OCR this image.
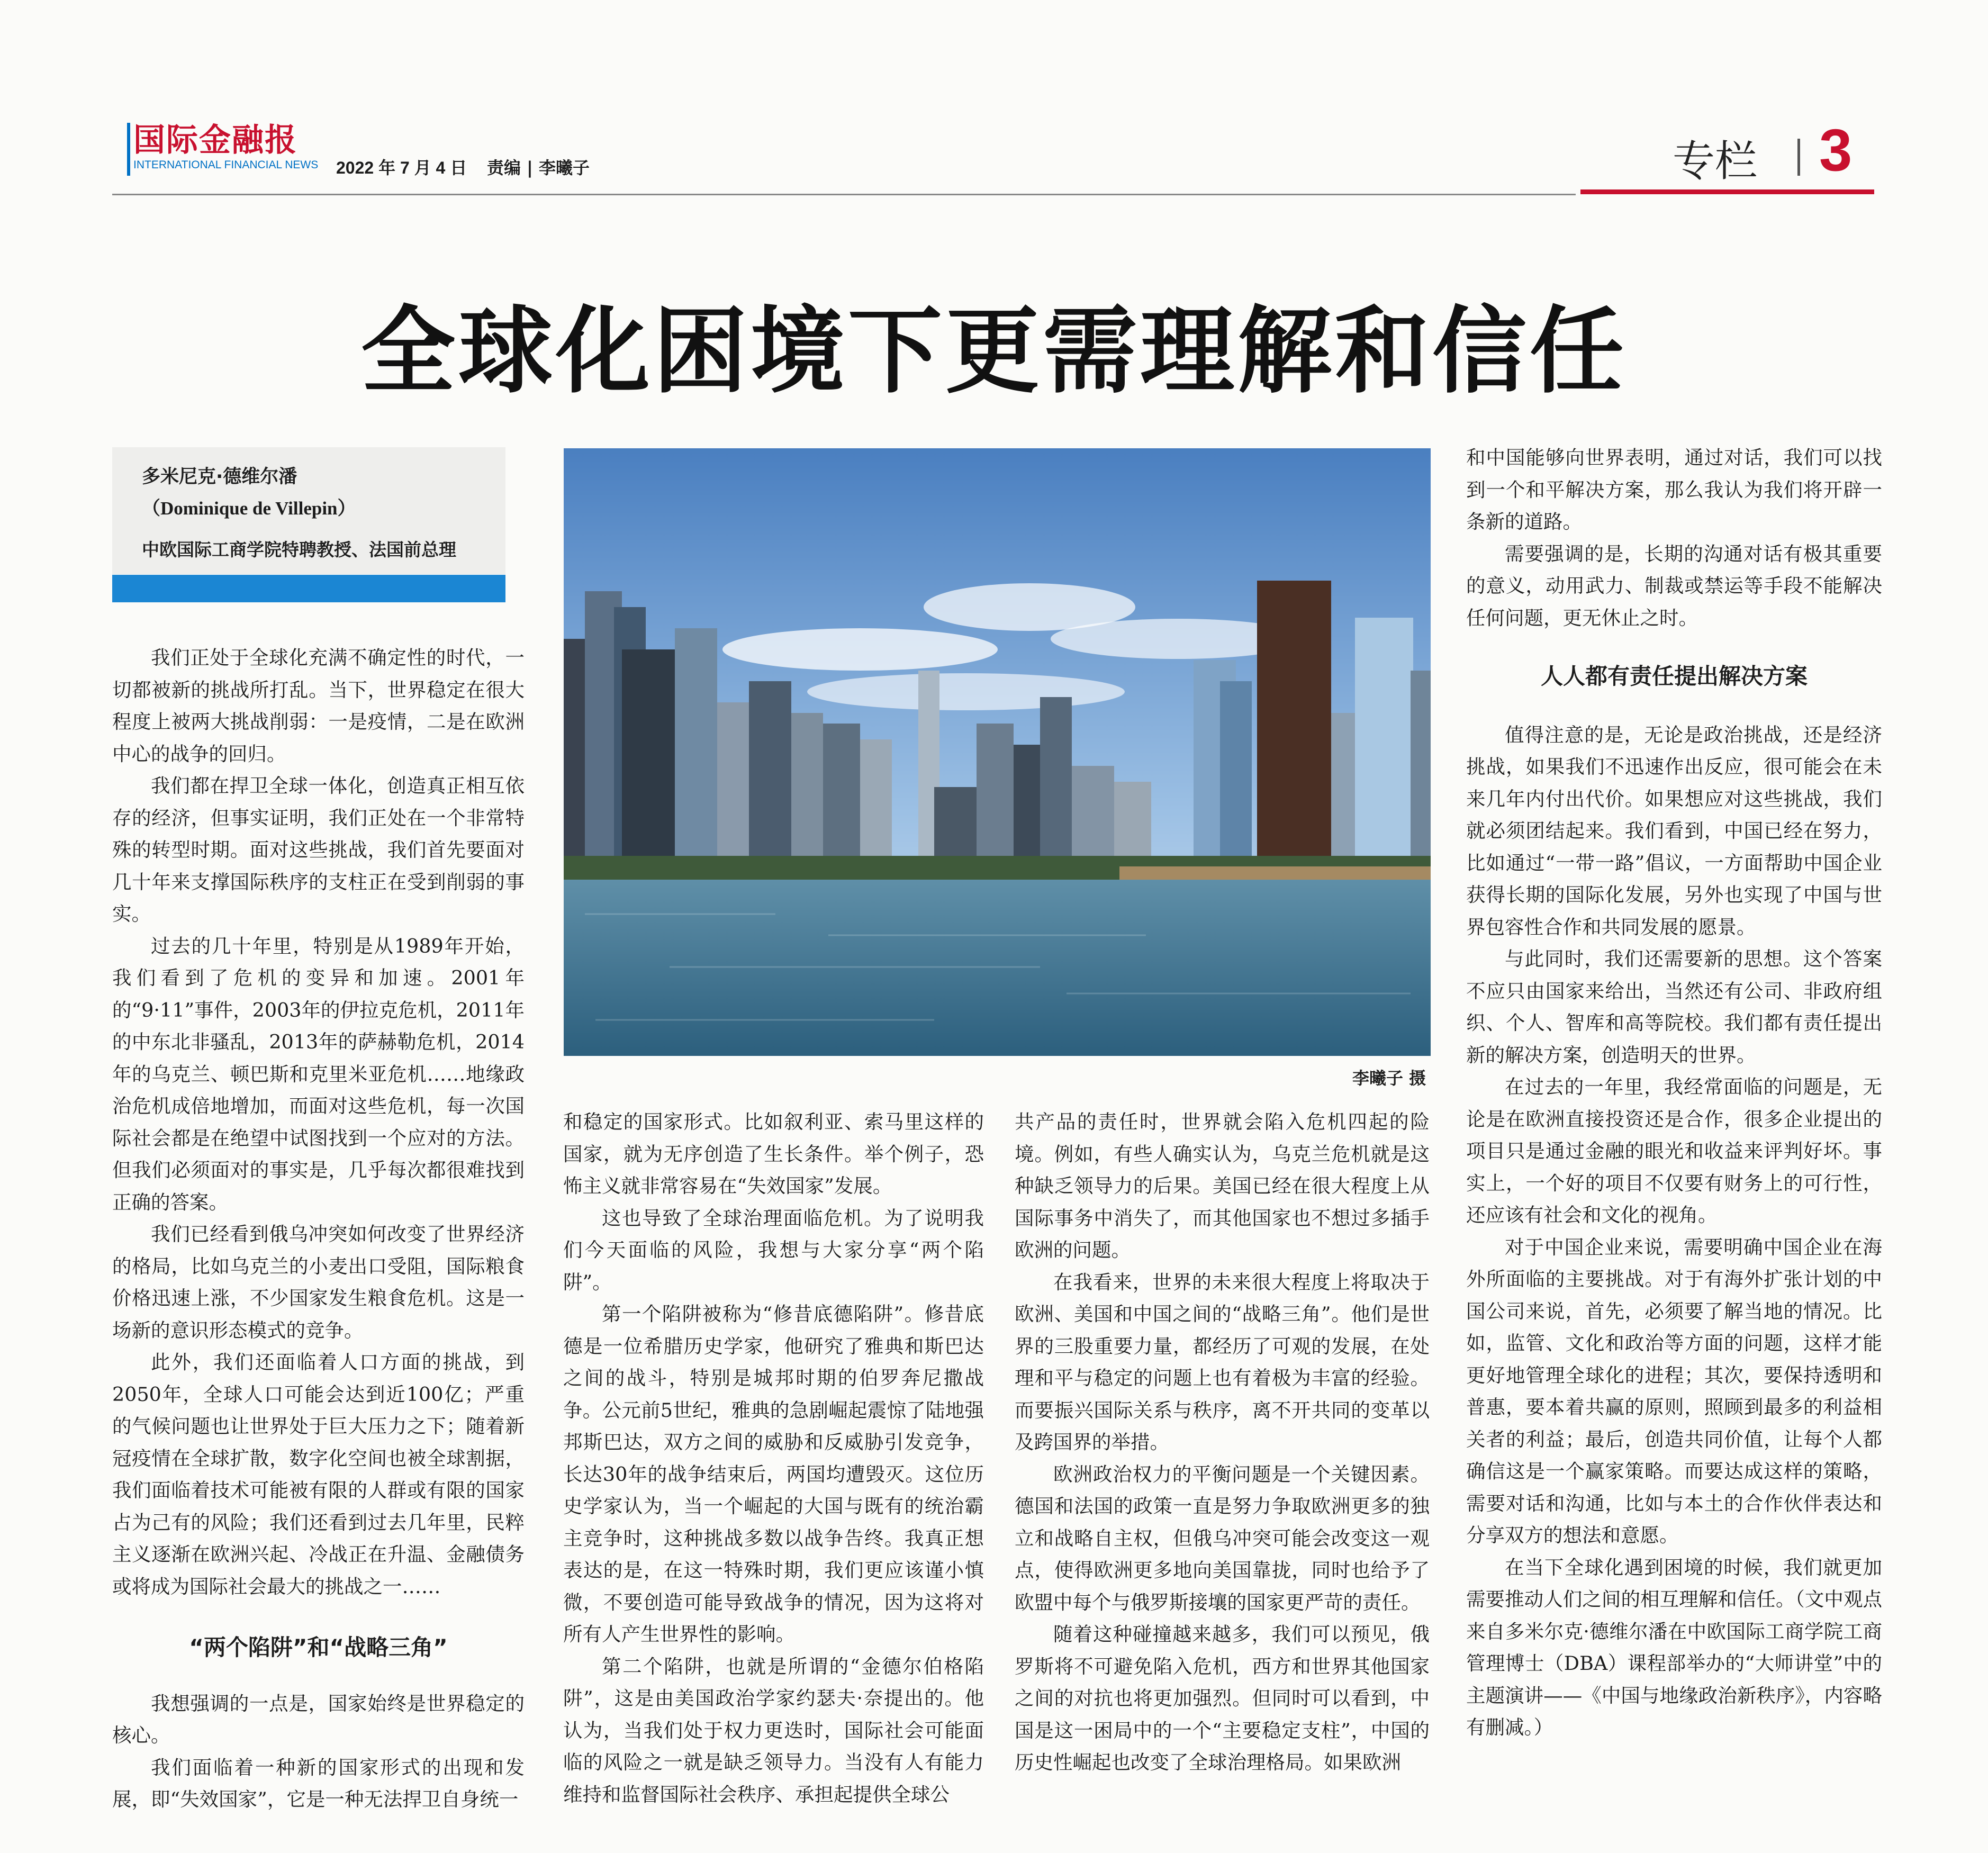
国际金融报
INTERNATIONAL FINANCIAL NEWS 2022 年 7 月 4 日 责编 | 李曦子	专栏 3
全球化困境下更需理解和信任
多米尼克·德维尔潘
（Dominique de Villepin）
中欧国际工商学院特聘教授、法国前总理

我们正处于全球化充满不确定性的时代，一切都被新的挑战所打乱。当下，世界稳定在很大程度上被两大挑战削弱：一是疫情，二是在欧洲中心的战争的回归。

我们都在捍卫全球一体化，创造真正相互依存的经济，但事实证明，我们正处在一个非常特殊的转型时期。面对这些挑战，我们首先要面对几十年来支撑国际秩序的支柱正在受到削弱的事实。

过去的几十年里，特别是从1989年开始，我们看到了危机的变异和加速。2001年的“9·11”事件，2003年的伊拉克危机，2011年的中东北非骚乱，2013年的萨赫勒危机，2014年的乌克兰、顿巴斯和克里米亚危机……地缘政治危机成倍地增加，而面对这些危机，每一次国际社会都是在绝望中试图找到一个应对的方法。但我们必须面对的事实是，几乎每次都很难找到正确的答案。

我们已经看到俄乌冲突如何改变了世界经济的格局，比如乌克兰的小麦出口受阻，国际粮食价格迅速上涨，不少国家发生粮食危机。这是一场新的意识形态模式的竞争。

此外，我们还面临着人口方面的挑战，到2050年，全球人口可能会达到近100亿；严重的气候问题也让世界处于巨大压力之下；随着新冠疫情在全球扩散，数字化空间也被全球割据，我们面临着技术可能被有限的人群或有限的国家占为己有的风险；我们还看到过去几年里，民粹主义逐渐在欧洲兴起、冷战正在升温、金融债务或将成为国际社会最大的挑战之一……

“两个陷阱”和“战略三角”

我想强调的一点是，国家始终是世界稳定的核心。

我们面临着一种新的国家形式的出现和发展，即“失效国家”，它是一种无法捍卫自身统一

李曦子 摄

和稳定的国家形式。比如叙利亚、索马里这样的国家，就为无序创造了生长条件。举个例子，恐怖主义就非常容易在“失效国家”发展。

这也导致了全球治理面临危机。为了说明我们今天面临的风险，我想与大家分享“两个陷阱”。

第一个陷阱被称为“修昔底德陷阱”。修昔底德是一位希腊历史学家，他研究了雅典和斯巴达之间的战斗，特别是城邦时期的伯罗奔尼撒战争。公元前5世纪，雅典的急剧崛起震惊了陆地强邦斯巴达，双方之间的威胁和反威胁引发竞争，长达30年的战争结束后，两国均遭毁灭。这位历史学家认为，当一个崛起的大国与既有的统治霸主竞争时，这种挑战多数以战争告终。我真正想表达的是，在这一特殊时期，我们更应该谨小慎微，不要创造可能导致战争的情况，因为这将对所有人产生世界性的影响。

第二个陷阱，也就是所谓的“金德尔伯格陷阱”，这是由美国政治学家约瑟夫·奈提出的。他认为，当我们处于权力更迭时，国际社会可能面临的风险之一就是缺乏领导力。当没有人有能力维持和监督国际社会秩序、承担起提供全球公

共产品的责任时，世界就会陷入危机四起的险境。例如，有些人确实认为，乌克兰危机就是这种缺乏领导力的后果。美国已经在很大程度上从国际事务中消失了，而其他国家也不想过多插手欧洲的问题。

在我看来，世界的未来很大程度上将取决于欧洲、美国和中国之间的“战略三角”。他们是世界的三股重要力量，都经历了可观的发展，在处理和平与稳定的问题上也有着极为丰富的经验。而要振兴国际关系与秩序，离不开共同的变革以及跨国界的举措。

欧洲政治权力的平衡问题是一个关键因素。德国和法国的政策一直是努力争取欧洲更多的独立和战略自主权，但俄乌冲突可能会改变这一观点，使得欧洲更多地向美国靠拢，同时也给予了欧盟中每个与俄罗斯接壤的国家更严苛的责任。

随着这种碰撞越来越多，我们可以预见，俄罗斯将不可避免陷入危机，西方和世界其他国家之间的对抗也将更加强烈。但同时可以看到，中国是这一困局中的一个“主要稳定支柱”，中国的历史性崛起也改变了全球治理格局。如果欧洲

和中国能够向世界表明，通过对话，我们可以找到一个和平解决方案，那么我认为我们将开辟一条新的道路。

需要强调的是，长期的沟通对话有极其重要的意义，动用武力、制裁或禁运等手段不能解决任何问题，更无休止之时。

人人都有责任提出解决方案

值得注意的是，无论是政治挑战，还是经济挑战，如果我们不迅速作出反应，很可能会在未来几年内付出代价。如果想应对这些挑战，我们就必须团结起来。我们看到，中国已经在努力，比如通过“一带一路”倡议，一方面帮助中国企业获得长期的国际化发展，另外也实现了中国与世界包容性合作和共同发展的愿景。

与此同时，我们还需要新的思想。这个答案不应只由国家来给出，当然还有公司、非政府组织、个人、智库和高等院校。我们都有责任提出新的解决方案，创造明天的世界。

在过去的一年里，我经常面临的问题是，无论是在欧洲直接投资还是合作，很多企业提出的项目只是通过金融的眼光和收益来评判好坏。事实上，一个好的项目不仅要有财务上的可行性，还应该有社会和文化的视角。

对于中国企业来说，需要明确中国企业在海外所面临的主要挑战。对于有海外扩张计划的中国公司来说，首先，必须要了解当地的情况。比如，监管、文化和政治等方面的问题，这样才能更好地管理全球化的进程；其次，要保持透明和普惠，要本着共赢的原则，照顾到最多的利益相关者的利益；最后，创造共同价值，让每个人都确信这是一个赢家策略。而要达成这样的策略，需要对话和沟通，比如与本土的合作伙伴表达和分享双方的想法和意愿。

在当下全球化遇到困境的时候，我们就更加需要推动人们之间的相互理解和信任。（文中观点来自多米尔克·德维尔潘在中欧国际工商学院工商管理博士（DBA）课程部举办的“大师讲堂”中的主题演讲——《中国与地缘政治新秩序》，内容略有删减。）
